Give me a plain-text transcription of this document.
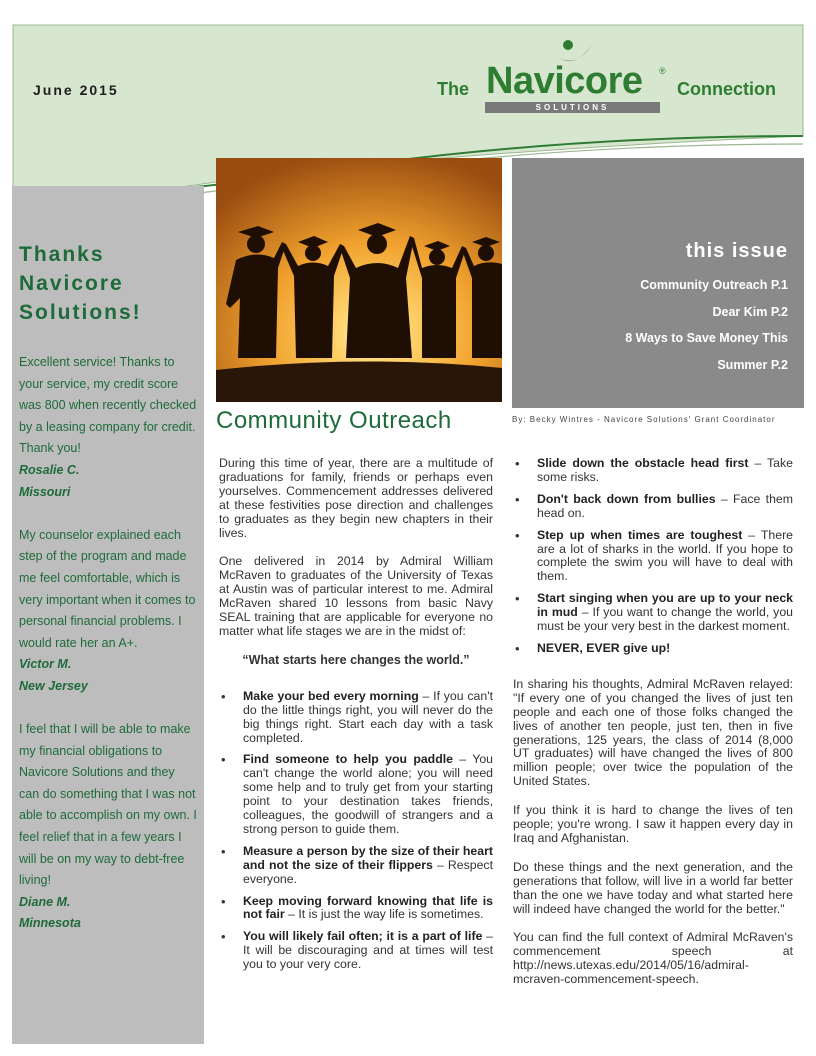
June 2015	The Navicore ®
SOLUTIONS
Connection
Thanks
Navicore
Solutions!
Excellent service! Thanks to your service, my credit score was 800 when recently checked by a leasing company for credit. Thank you!
Rosalie C.
Missouri
My counselor explained each step of the program and made me feel comfortable, which is very important when it comes to personal financial problems. I would rate her an A+.
Victor M.
New Jersey
I feel that I will be able to make my financial obligations to Navicore Solutions and they can do something that I was not able to accomplish on my own. I feel relief that in a few years I will be on my way to debt-free living!
Diane M.
Minnesota
this issue
Community Outreach P.1
Dear Kim P.2
8 Ways to Save Money This
Summer P.2
Community Outreach	By: Becky Wintres - Navicore Solutions' Grant Coordinator

During this time of year, there are a multitude of graduations for family, friends or perhaps even yourselves. Commencement addresses delivered at these festivities pose direction and challenges to graduates as they begin new chapters in their lives.

One delivered in 2014 by Admiral William McRaven to graduates of the University of Texas at Austin was of particular interest to me. Admiral McRaven shared 10 lessons from basic Navy SEAL training that are applicable for everyone no matter what life stages we are in the midst of:

“What starts here changes the world.”
• Make your bed every morning – If you can't do the little things right, you will never do the big things right. Start each day with a task completed.
• Find someone to help you paddle – You can't change the world alone; you will need some help and to truly get from your starting point to your destination takes friends, colleagues, the goodwill of strangers and a strong person to guide them.
• Measure a person by the size of their heart and not the size of their flippers – Respect everyone.
• Keep moving forward knowing that life is not fair – It is just the way life is sometimes.
• You will likely fail often; it is a part of life – It will be discouraging and at times will test you to your very core.
• Slide down the obstacle head first – Take some risks.
• Don't back down from bullies – Face them head on.
• Step up when times are toughest – There are a lot of sharks in the world. If you hope to complete the swim you will have to deal with them.
• Start singing when you are up to your neck in mud – If you want to change the world, you must be your very best in the darkest moment.
• NEVER, EVER give up!

In sharing his thoughts, Admiral McRaven relayed: "If every one of you changed the lives of just ten people and each one of those folks changed the lives of another ten people, just ten, then in five generations, 125 years, the class of 2014 (8,000 UT graduates) will have changed the lives of 800 million people; over twice the population of the United States.

If you think it is hard to change the lives of ten people; you're wrong. I saw it happen every day in Iraq and Afghanistan.

Do these things and the next generation, and the generations that follow, will live in a world far better than the one we have today and what started here will indeed have changed the world for the better."

You can find the full context of Admiral McRaven's commencement speech at http://news.utexas.edu/2014/05/16/admiral-mcraven-commencement-speech.
